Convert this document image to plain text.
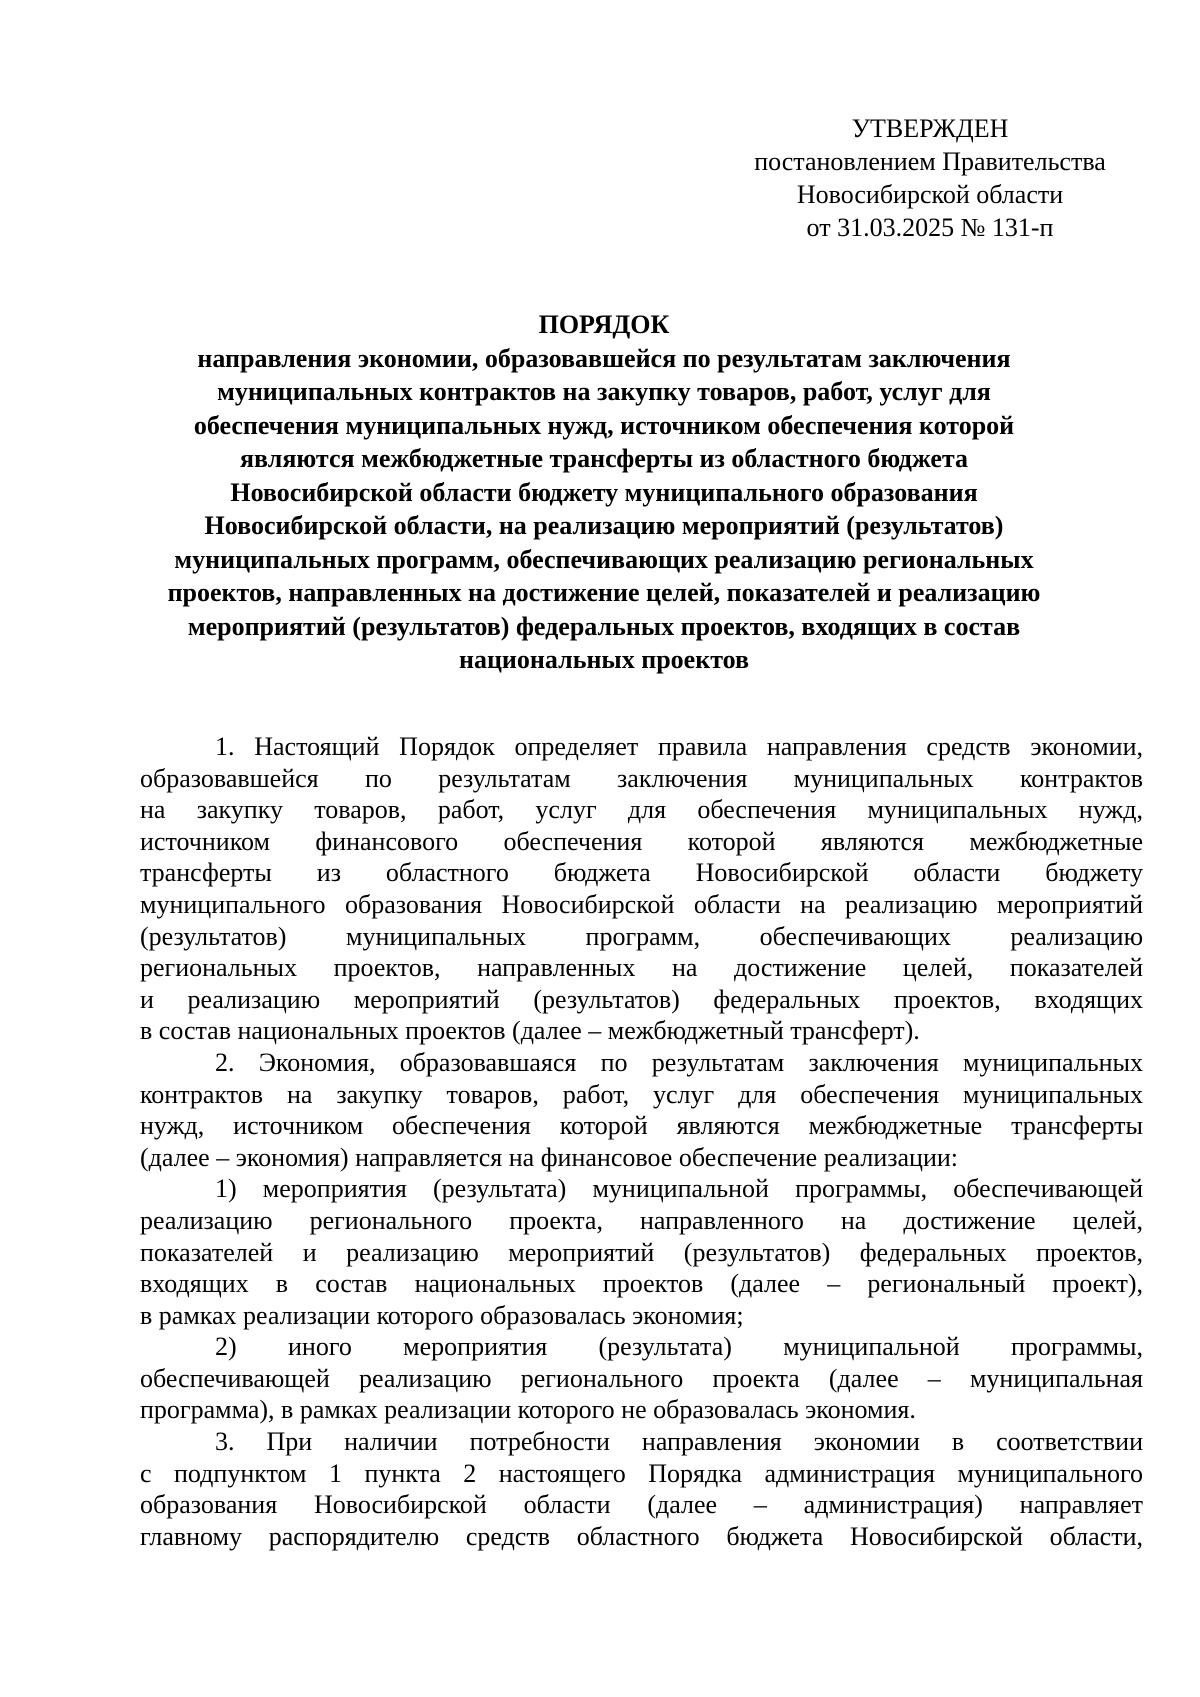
УТВЕРЖДЕН
постановлением Правительства
Новосибирской области
от 31.03.2025 № 131-п
ПОРЯДОК
направления экономии, образовавшейся по результатам заключения
муниципальных контрактов на закупку товаров, работ, услуг для
обеспечения муниципальных нужд, источником обеспечения которой
являются межбюджетные трансферты из областного бюджета
Новосибирской области бюджету муниципального образования
Новосибирской области, на реализацию мероприятий (результатов)
муниципальных программ, обеспечивающих реализацию региональных
проектов, направленных на достижение целей, показателей и реализацию
мероприятий (результатов) федеральных проектов, входящих в состав
национальных проектов

1. Настоящий Порядок определяет правила направления средств экономии,
образовавшейся по результатам заключения муниципальных контрактов
на закупку товаров, работ, услуг для обеспечения муниципальных нужд,
источником финансового обеспечения которой являются межбюджетные
трансферты из областного бюджета Новосибирской области бюджету
муниципального образования Новосибирской области на реализацию мероприятий
(результатов) муниципальных программ, обеспечивающих реализацию
региональных проектов, направленных на достижение целей, показателей
и реализацию мероприятий (результатов) федеральных проектов, входящих
в состав национальных проектов (далее – межбюджетный трансферт).

2. Экономия, образовавшаяся по результатам заключения муниципальных
контрактов на закупку товаров, работ, услуг для обеспечения муниципальных
нужд, источником обеспечения которой являются межбюджетные трансферты
(далее – экономия) направляется на финансовое обеспечение реализации:

1) мероприятия (результата) муниципальной программы, обеспечивающей
реализацию регионального проекта, направленного на достижение целей,
показателей и реализацию мероприятий (результатов) федеральных проектов,
входящих в состав национальных проектов (далее – региональный проект),
в рамках реализации которого образовалась экономия;

2) иного мероприятия (результата) муниципальной программы,
обеспечивающей реализацию регионального проекта (далее – муниципальная
программа), в рамках реализации которого не образовалась экономия.

3. При наличии потребности направления экономии в соответствии
с подпунктом 1 пункта 2 настоящего Порядка администрация муниципального
образования Новосибирской области (далее – администрация) направляет
главному распорядителю средств областного бюджета Новосибирской области,
